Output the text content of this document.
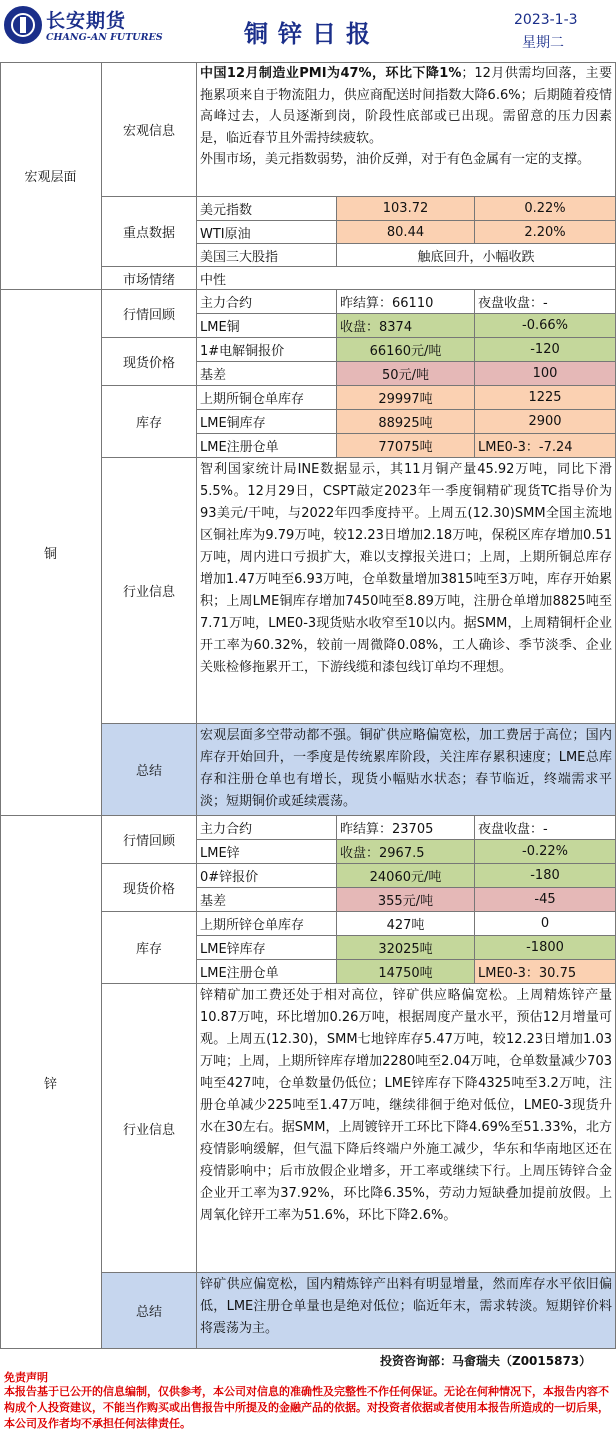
长安期货
CHANG-AN FUTURES	铜锌日报	2023-1-3
星期二
宏观层面
宏观信息
中国12月制造业PMI为47%，环比下降1%；12月供需均回落，主要拖累项来自于物流阻力，供应商配送时间指数大降6.6%；后期随着疫情高峰过去，人员逐渐到岗，阶段性底部或已出现。需留意的压力因素是，临近春节且外需持续疲软。
外围市场，美元指数弱势，油价反弹，对于有色金属有一定的支撑。
重点数据
美元指数	103.72	0.22%
WTI原油	80.44	2.20%
美国三大股指	触底回升，小幅收跌
市场情绪	中性
铜
行情回顾
主力合约	昨结算：66110	夜盘收盘：-
LME铜	收盘：8374	-0.66%
现货价格
1#电解铜报价	66160元/吨	-120
基差	50元/吨	100
库存
上期所铜仓单库存	29997吨	1225
LME铜库存	88925吨	2900
LME注册仓单	77075吨	LME0-3：-7.24
行业信息
智利国家统计局INE数据显示，其11月铜产量45.92万吨，同比下滑5.5%。12月29日，CSPT敲定2023年一季度铜精矿现货TC指导价为93美元/干吨，与2022年四季度持平。上周五(12.30)SMM全国主流地区铜社库为9.79万吨，较12.23日增加2.18万吨，保税区库存增加0.51万吨，周内进口亏损扩大，难以支撑报关进口；上周，上期所铜总库存增加1.47万吨至6.93万吨，仓单数量增加3815吨至3万吨，库存开始累积；上周LME铜库存增加7450吨至8.89万吨，注册仓单增加8825吨至7.71万吨，LME0-3现货贴水收窄至10以内。据SMM，上周精铜杆企业开工率为60.32%，较前一周微降0.08%，工人确诊、季节淡季、企业关账检修拖累开工，下游线缆和漆包线订单均不理想。
总结
宏观层面多空带动都不强。铜矿供应略偏宽松，加工费居于高位；国内库存开始回升，一季度是传统累库阶段，关注库存累积速度；LME总库存和注册仓单也有增长，现货小幅贴水状态；春节临近，终端需求平淡；短期铜价或延续震荡。
锌
行情回顾
主力合约	昨结算：23705	夜盘收盘：-
LME锌	收盘：2967.5	-0.22%
现货价格
0#锌报价	24060元/吨	-180
基差	355元/吨	-45
库存
上期所锌仓单库存	427吨	0
LME锌库存	32025吨	-1800
LME注册仓单	14750吨	LME0-3：30.75
行业信息
锌精矿加工费还处于相对高位，锌矿供应略偏宽松。上周精炼锌产量10.87万吨，环比增加0.26万吨，根据周度产量水平，预估12月增量可观。上周五(12.30)，SMM七地锌库存5.47万吨，较12.23日增加1.03万吨；上周，上期所锌库存增加2280吨至2.04万吨，仓单数量减少703吨至427吨，仓单数量仍低位；LME锌库存下降4325吨至3.2万吨，注册仓单减少225吨至1.47万吨，继续徘徊于绝对低位，LME0-3现货升水在30左右。据SMM，上周镀锌开工环比下降4.69%至51.33%，北方疫情影响缓解，但气温下降后终端户外施工减少，华东和华南地区还在疫情影响中；后市放假企业增多，开工率或继续下行。上周压铸锌合金企业开工率为37.92%，环比降6.35%，劳动力短缺叠加提前放假。上周氧化锌开工率为51.6%，环比下降2.6%。
总结
锌矿供应偏宽松，国内精炼锌产出料有明显增量，然而库存水平依旧偏低，LME注册仓单量也是绝对低位；临近年末，需求转淡。短期锌价料将震荡为主。
投资咨询部：马畲瑞夫（Z0015873）
免责声明
本报告基于已公开的信息编制，仅供参考，本公司对信息的准确性及完整性不作任何保证。无论在何种情况下，本报告内容不构成个人投资建议，不能当作购买或出售报告中所提及的金融产品的依据。对投资者依据或者使用本报告所造成的一切后果，本公司及作者均不承担任何法律责任。
